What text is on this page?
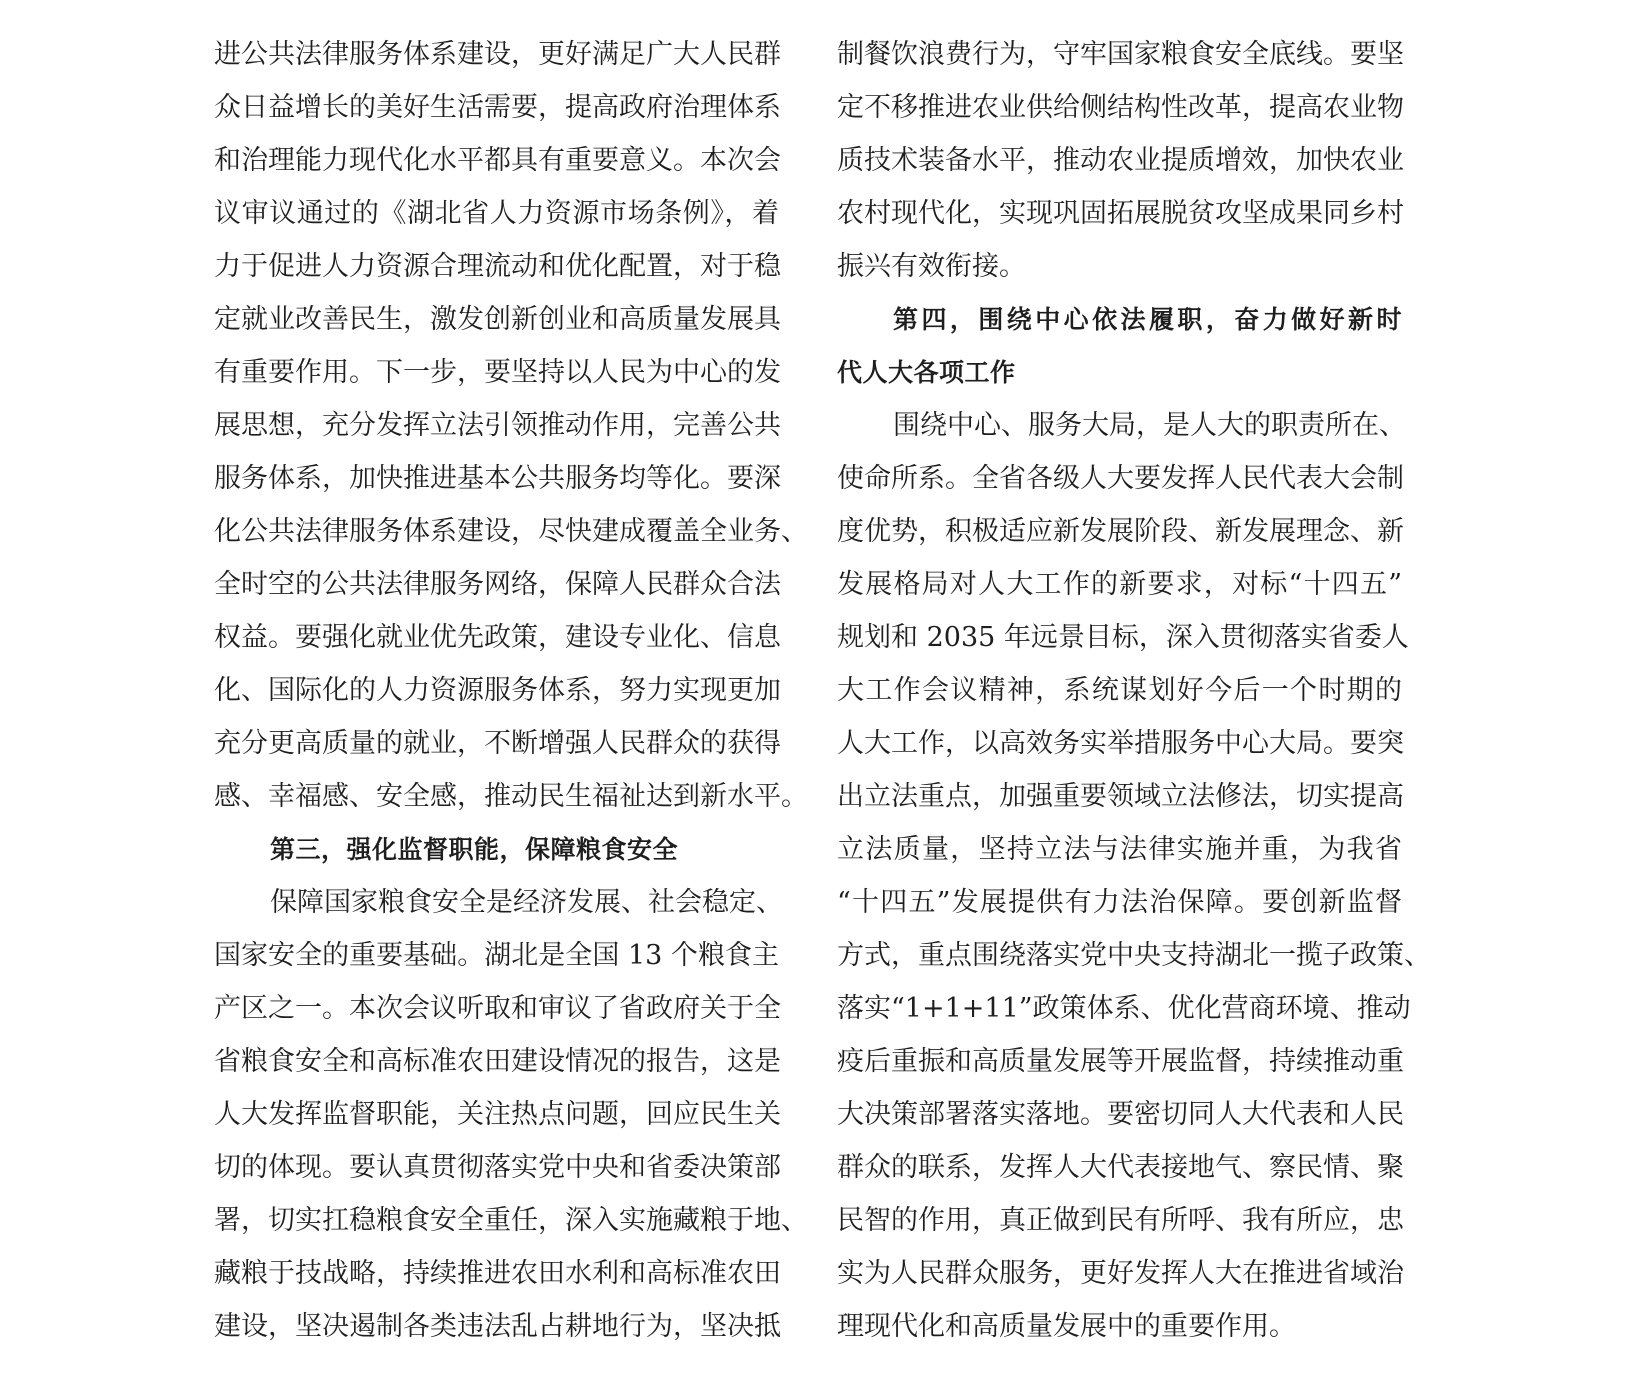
进公共法律服务体系建设，更好满足广大人民群
众日益增长的美好生活需要，提高政府治理体系
和治理能力现代化水平都具有重要意义。本次会
议审议通过的《湖北省人力资源市场条例》，着
力于促进人力资源合理流动和优化配置，对于稳
定就业改善民生，激发创新创业和高质量发展具
有重要作用。下一步，要坚持以人民为中心的发
展思想，充分发挥立法引领推动作用，完善公共
服务体系，加快推进基本公共服务均等化。要深
化公共法律服务体系建设，尽快建成覆盖全业务、
全时空的公共法律服务网络，保障人民群众合法
权益。要强化就业优先政策，建设专业化、信息
化、国际化的人力资源服务体系，努力实现更加
充分更高质量的就业，不断增强人民群众的获得
感、幸福感、安全感，推动民生福祉达到新水平。
第三，强化监督职能，保障粮食安全
保障国家粮食安全是经济发展、社会稳定、
国家安全的重要基础。湖北是全国 13 个粮食主
产区之一。本次会议听取和审议了省政府关于全
省粮食安全和高标准农田建设情况的报告，这是
人大发挥监督职能，关注热点问题，回应民生关
切的体现。要认真贯彻落实党中央和省委决策部
署，切实扛稳粮食安全重任，深入实施藏粮于地、
藏粮于技战略，持续推进农田水利和高标准农田
建设，坚决遏制各类违法乱占耕地行为，坚决抵
制餐饮浪费行为，守牢国家粮食安全底线。要坚
定不移推进农业供给侧结构性改革，提高农业物
质技术装备水平，推动农业提质增效，加快农业
农村现代化，实现巩固拓展脱贫攻坚成果同乡村
振兴有效衔接。
第四，围绕中心依法履职，奋力做好新时
代人大各项工作
围绕中心、服务大局，是人大的职责所在、
使命所系。全省各级人大要发挥人民代表大会制
度优势，积极适应新发展阶段、新发展理念、新
发展格局对人大工作的新要求，对标“十四五”
规划和 2035 年远景目标，深入贯彻落实省委人
大工作会议精神，系统谋划好今后一个时期的
人大工作，以高效务实举措服务中心大局。要突
出立法重点，加强重要领域立法修法，切实提高
立法质量，坚持立法与法律实施并重，为我省
“十四五”发展提供有力法治保障。要创新监督
方式，重点围绕落实党中央支持湖北一揽子政策、
落实“1+1+11”政策体系、优化营商环境、推动
疫后重振和高质量发展等开展监督，持续推动重
大决策部署落实落地。要密切同人大代表和人民
群众的联系，发挥人大代表接地气、察民情、聚
民智的作用，真正做到民有所呼、我有所应，忠
实为人民群众服务，更好发挥人大在推进省域治
理现代化和高质量发展中的重要作用。
